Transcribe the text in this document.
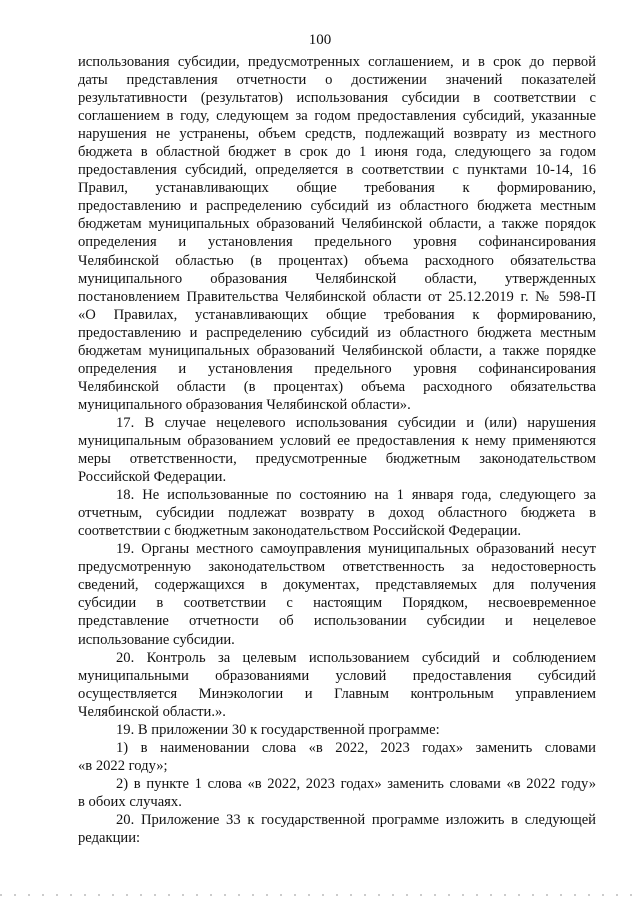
100
использования субсидии, предусмотренных соглашением, и в срок до первой
даты представления отчетности о достижении значений показателей
результативности (результатов) использования субсидии в соответствии с
соглашением в году, следующем за годом предоставления субсидий, указанные
нарушения не устранены, объем средств, подлежащий возврату из местного
бюджета в областной бюджет в срок до 1 июня года, следующего за годом
предоставления субсидий, определяется в соответствии с пунктами 10-14, 16
Правил, устанавливающих общие требования к формированию,
предоставлению и распределению субсидий из областного бюджета местным
бюджетам муниципальных образований Челябинской области, а также порядок
определения и установления предельного уровня софинансирования
Челябинской областью (в процентах) объема расходного обязательства
муниципального образования Челябинской области, утвержденных
постановлением Правительства Челябинской области от 25.12.2019 г. № 598-П
«О Правилах, устанавливающих общие требования к формированию,
предоставлению и распределению субсидий из областного бюджета местным
бюджетам муниципальных образований Челябинской области, а также порядке
определения и установления предельного уровня софинансирования
Челябинской области (в процентах) объема расходного обязательства
муниципального образования Челябинской области».
17. В случае нецелевого использования субсидии и (или) нарушения
муниципальным образованием условий ее предоставления к нему применяются
меры ответственности, предусмотренные бюджетным законодательством
Российской Федерации.
18. Не использованные по состоянию на 1 января года, следующего за
отчетным, субсидии подлежат возврату в доход областного бюджета в
соответствии с бюджетным законодательством Российской Федерации.
19. Органы местного самоуправления муниципальных образований несут
предусмотренную законодательством ответственность за недостоверность
сведений, содержащихся в документах, представляемых для получения
субсидии в соответствии с настоящим Порядком, несвоевременное
представление отчетности об использовании субсидии и нецелевое
использование субсидии.
20. Контроль за целевым использованием субсидий и соблюдением
муниципальными образованиями условий предоставления субсидий
осуществляется Минэкологии и Главным контрольным управлением
Челябинской области.».
19. В приложении 30 к государственной программе:
1) в наименовании слова «в 2022, 2023 годах» заменить словами
«в 2022 году»;
2) в пункте 1 слова «в 2022, 2023 годах» заменить словами «в 2022 году»
в обоих случаях.
20. Приложение 33 к государственной программе изложить в следующей
редакции:
